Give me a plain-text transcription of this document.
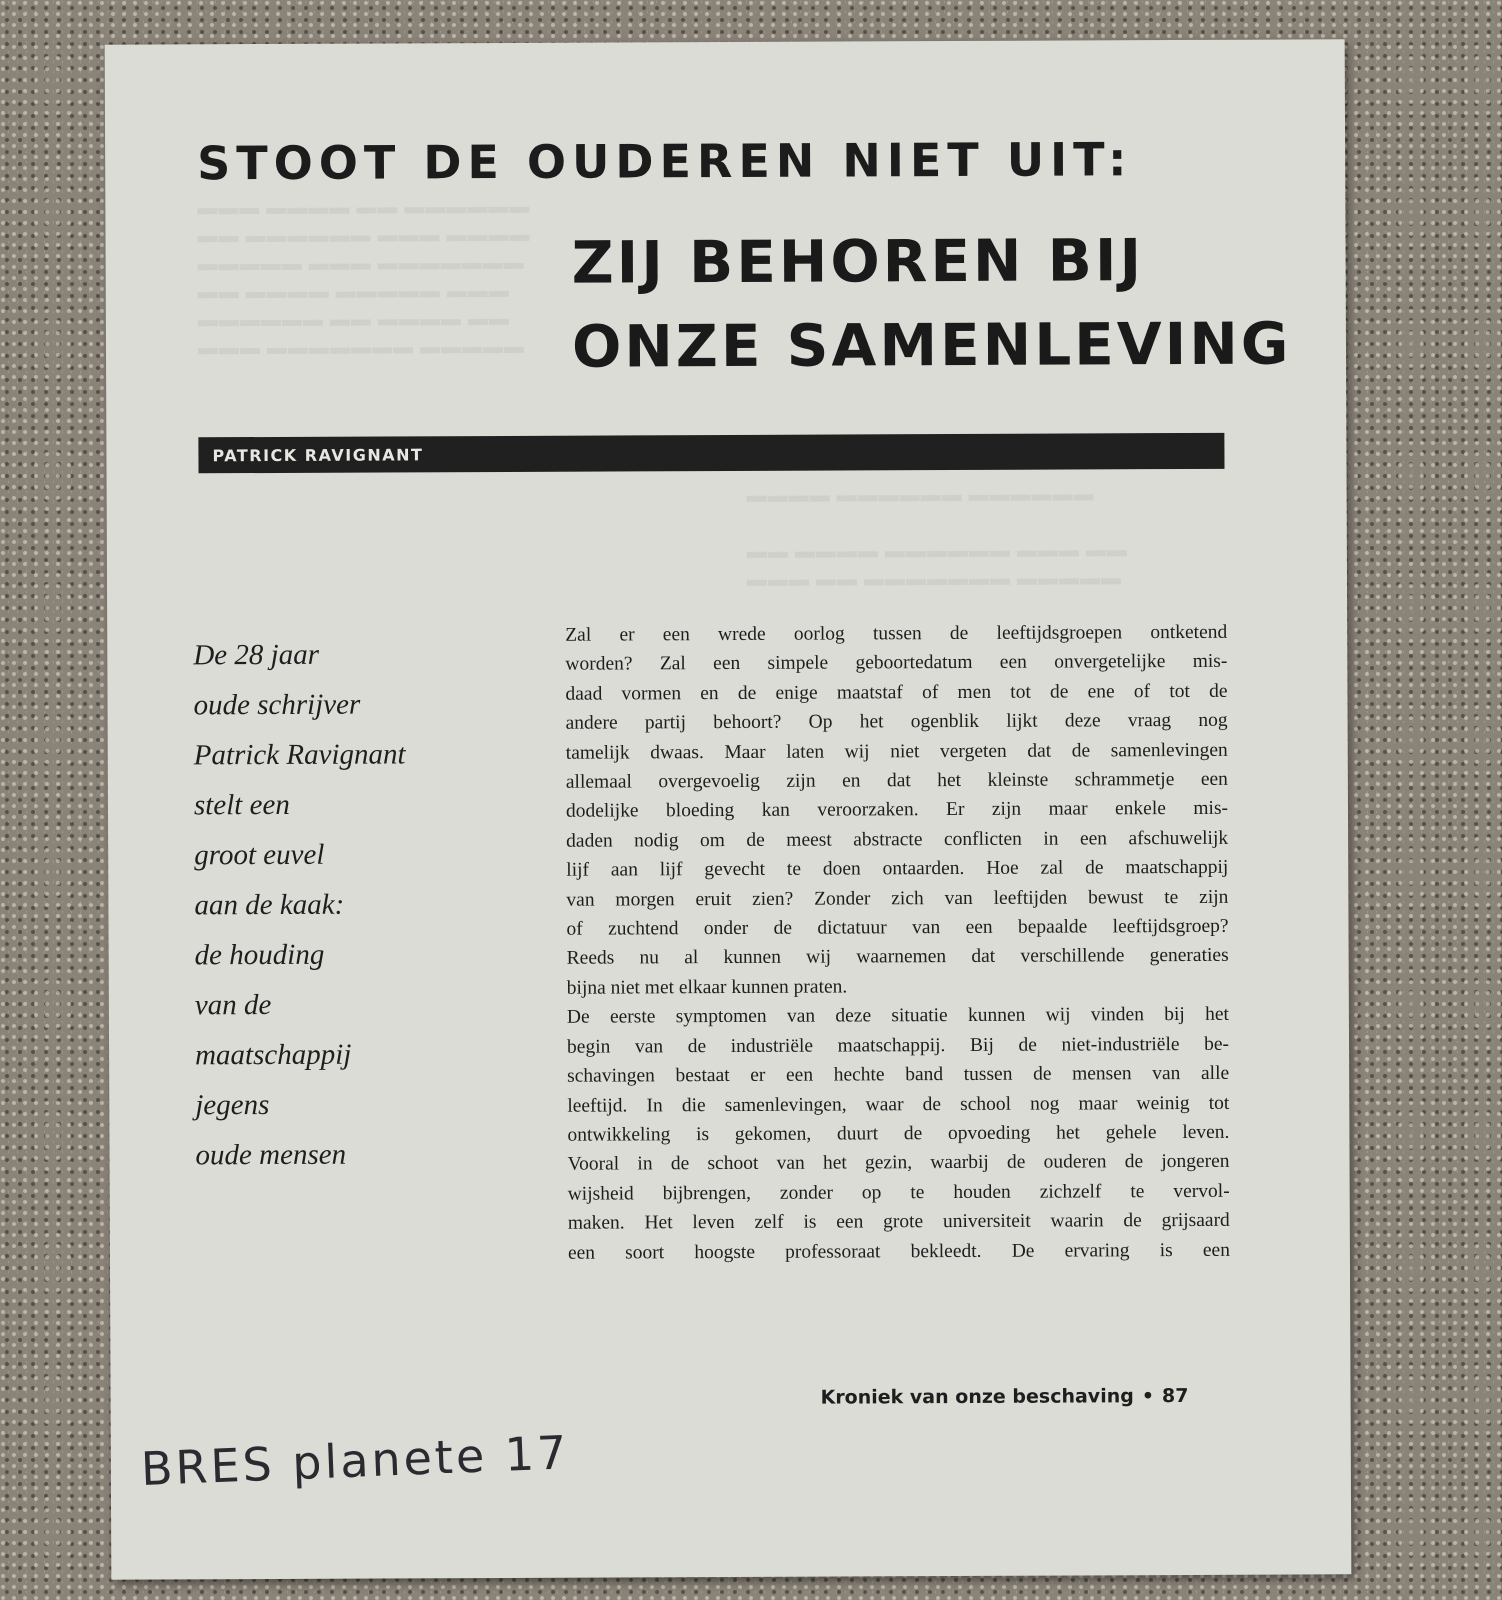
▬▬▬ ▬▬▬▬ ▬▬ ▬▬▬▬▬▬
▬▬ ▬▬▬▬▬▬ ▬▬▬ ▬▬▬▬
▬▬▬▬▬ ▬▬▬ ▬▬▬▬▬▬▬
▬▬ ▬▬▬▬ ▬▬▬▬▬ ▬▬▬
▬▬▬▬▬▬ ▬▬ ▬▬▬▬ ▬▬
▬▬▬ ▬▬▬▬▬▬▬ ▬▬▬▬▬
▬▬▬▬ ▬▬▬▬▬▬ ▬▬▬▬▬▬

▬▬ ▬▬▬▬ ▬▬▬▬▬▬ ▬▬▬ ▬▬
▬▬▬ ▬▬ ▬▬▬▬▬▬▬ ▬▬▬▬▬
STOOT DE OUDEREN NIET UIT:
ZIJ BEHOREN BIJ
ONZE SAMENLEVING
PATRICK RAVIGNANT
De 28 jaar
oude schrijver
Patrick Ravignant
stelt een
groot euvel
aan de kaak:
de houding
van de
maatschappij
jegens
oude mensen
Zal er een wrede oorlog tussen de leeftijdsgroepen ontketend
worden? Zal een simpele geboortedatum een onvergetelijke mis-
daad vormen en de enige maatstaf of men tot de ene of tot de
andere partij behoort? Op het ogenblik lijkt deze vraag nog
tamelijk dwaas. Maar laten wij niet vergeten dat de samenlevingen
allemaal overgevoelig zijn en dat het kleinste schrammetje een
dodelijke bloeding kan veroorzaken. Er zijn maar enkele mis-
daden nodig om de meest abstracte conflicten in een afschuwelijk
lijf aan lijf gevecht te doen ontaarden. Hoe zal de maatschappij
van morgen eruit zien? Zonder zich van leeftijden bewust te zijn
of zuchtend onder de dictatuur van een bepaalde leeftijdsgroep?
Reeds nu al kunnen wij waarnemen dat verschillende generaties
bijna niet met elkaar kunnen praten.
De eerste symptomen van deze situatie kunnen wij vinden bij het
begin van de industriële maatschappij. Bij de niet-industriële be-
schavingen bestaat er een hechte band tussen de mensen van alle
leeftijd. In die samenlevingen, waar de school nog maar weinig tot
ontwikkeling is gekomen, duurt de opvoeding het gehele leven.
Vooral in de schoot van het gezin, waarbij de ouderen de jongeren
wijsheid bijbrengen, zonder op te houden zichzelf te vervol-
maken. Het leven zelf is een grote universiteit waarin de grijsaard
een soort hoogste professoraat bekleedt. De ervaring is een
Kroniek van onze beschaving • 87
BRES planete 17
